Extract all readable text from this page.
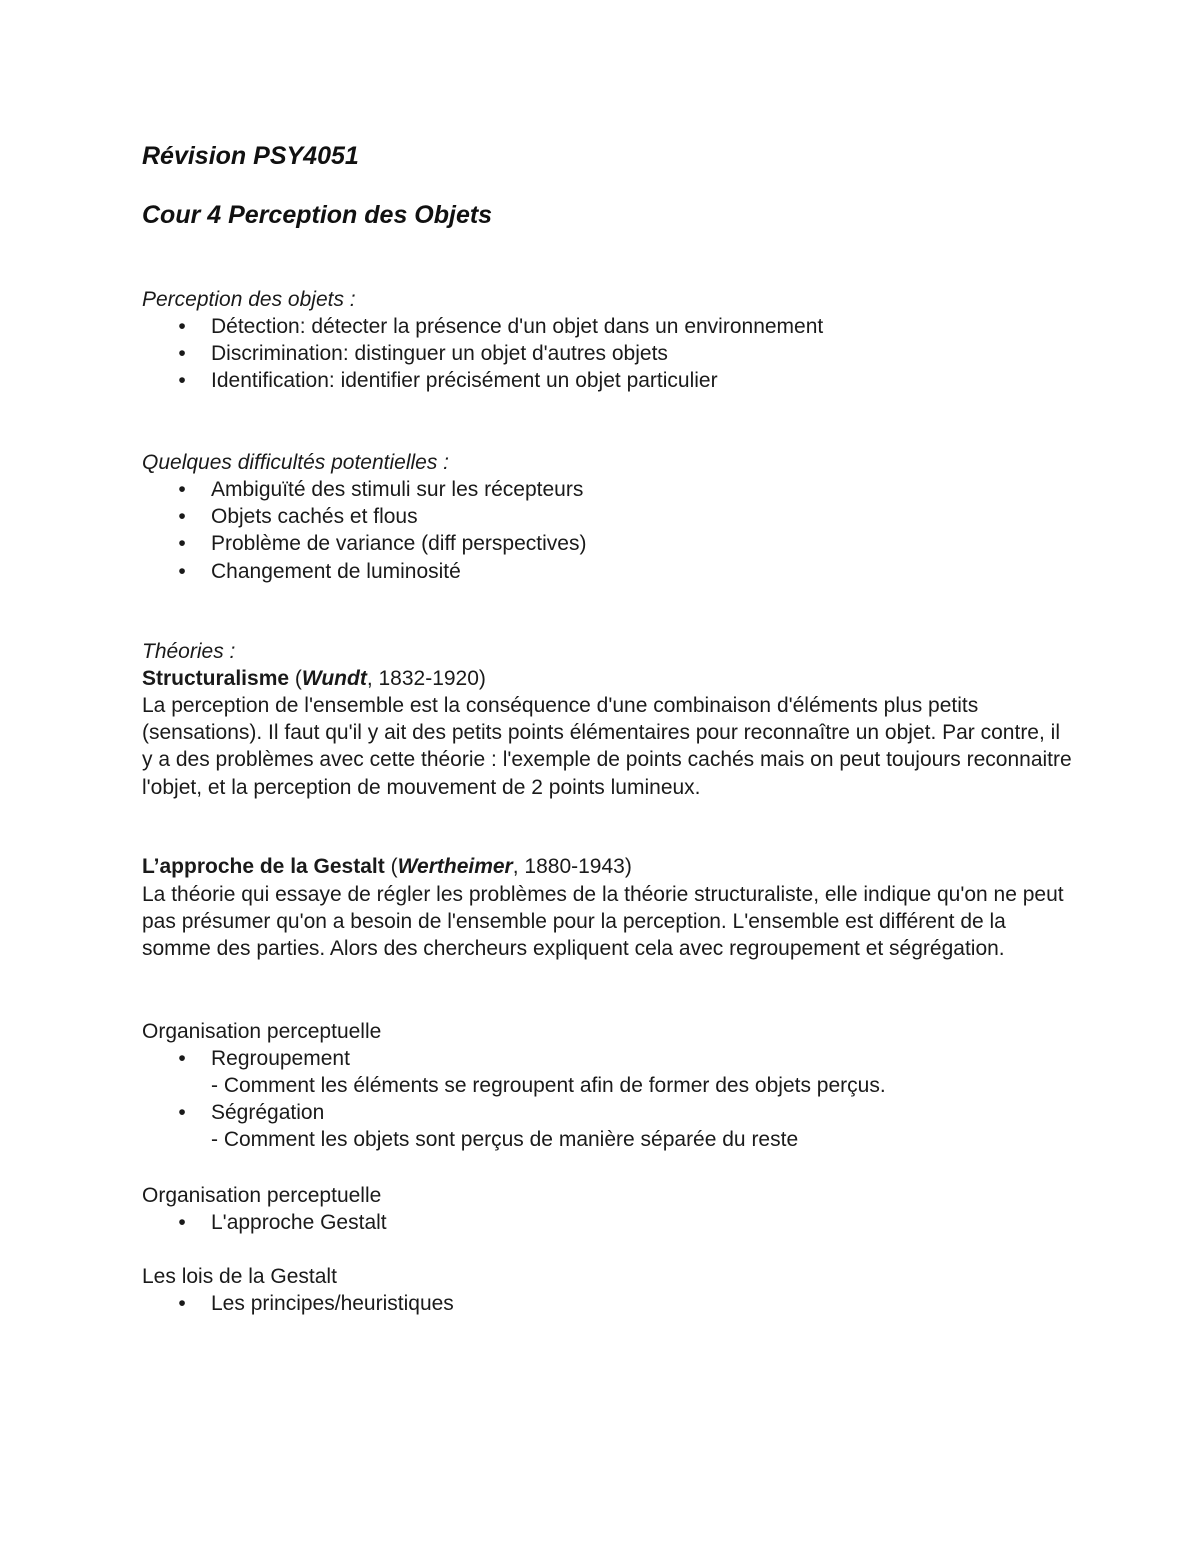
Révision PSY4051
Cour 4 Perception des Objets
Perception des objets :
•	Détection: détecter la présence d'un objet dans un environnement
•	Discrimination: distinguer un objet d'autres objets
•	Identification: identifier précisément un objet particulier
Quelques difficultés potentielles :
•	Ambiguïté des stimuli sur les récepteurs
•	Objets cachés et flous
•	Problème de variance (diff perspectives)
•	Changement de luminosité
Théories :
Structuralisme (Wundt, 1832-1920)
La perception de l'ensemble est la conséquence d'une combinaison d'éléments plus petits (sensations). Il faut qu'il y ait des petits points élémentaires pour reconnaître un objet. Par contre, il y a des problèmes avec cette théorie : l'exemple de points cachés mais on peut toujours reconnaitre l'objet, et la perception de mouvement de 2 points lumineux.
L’approche de la Gestalt (Wertheimer, 1880-1943)
La théorie qui essaye de régler les problèmes de la théorie structuraliste, elle indique qu'on ne peut pas présumer qu'on a besoin de l'ensemble pour la perception. L'ensemble est différent de la somme des parties. Alors des chercheurs expliquent cela avec regroupement et ségrégation.
Organisation perceptuelle
•	Regroupement
- Comment les éléments se regroupent afin de former des objets perçus.
•	Ségrégation
- Comment les objets sont perçus de manière séparée du reste
Organisation perceptuelle
•	L'approche Gestalt
Les lois de la Gestalt
•	Les principes/heuristiques
